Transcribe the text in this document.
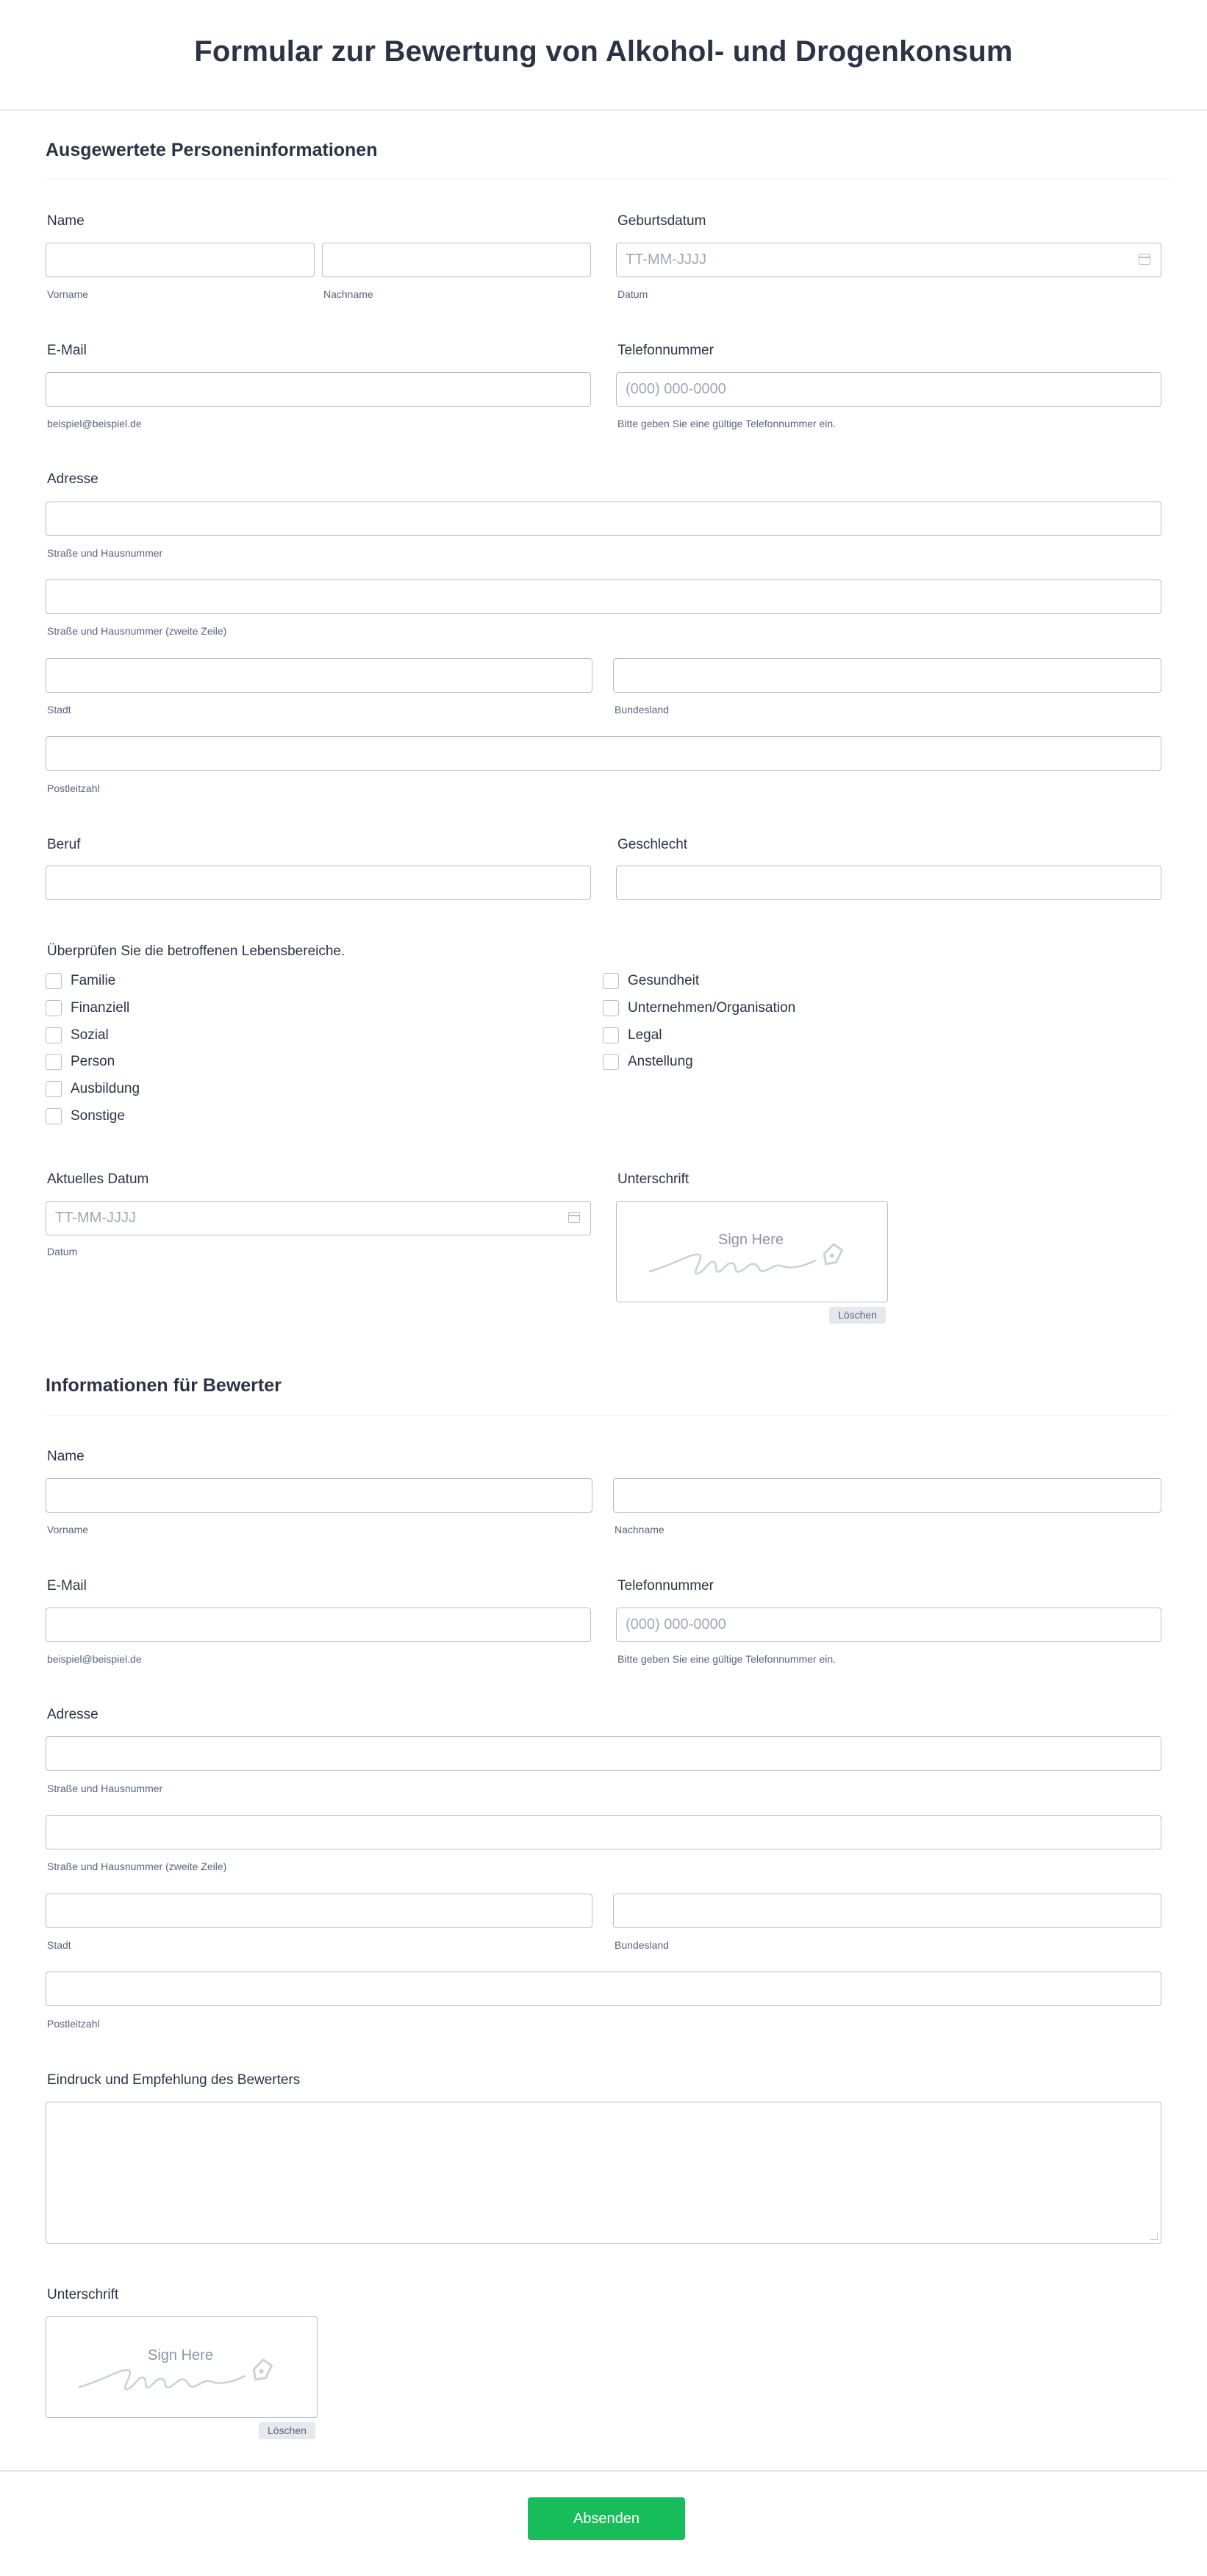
Formular zur Bewertung von Alkohol- und Drogenkonsum
Ausgewertete Personeninformationen
Name
Vorname	Nachname
Geburtsdatum
TT-MM-JJJJ
Datum
E-Mail
beispiel@beispiel.de
Telefonnummer
(000) 000-0000
Bitte geben Sie eine gültige Telefonnummer ein.
Adresse
Straße und Hausnummer
Straße und Hausnummer (zweite Zeile)
Stadt	Bundesland
Postleitzahl
Beruf	Geschlecht
Überprüfen Sie die betroffenen Lebensbereiche.
Familie
Finanziell
Sozial
Person
Ausbildung
Sonstige
Gesundheit
Unternehmen/Organisation
Legal
Anstellung
Aktuelles Datum
TT-MM-JJJJ
Datum
Unterschrift
Sign Here
Löschen
Informationen für Bewerter
Name
Vorname	Nachname
E-Mail
beispiel@beispiel.de
Telefonnummer
(000) 000-0000
Bitte geben Sie eine gültige Telefonnummer ein.
Adresse
Straße und Hausnummer
Straße und Hausnummer (zweite Zeile)
Stadt	Bundesland
Postleitzahl
Eindruck und Empfehlung des Bewerters
Unterschrift
Sign Here
Löschen
Absenden
